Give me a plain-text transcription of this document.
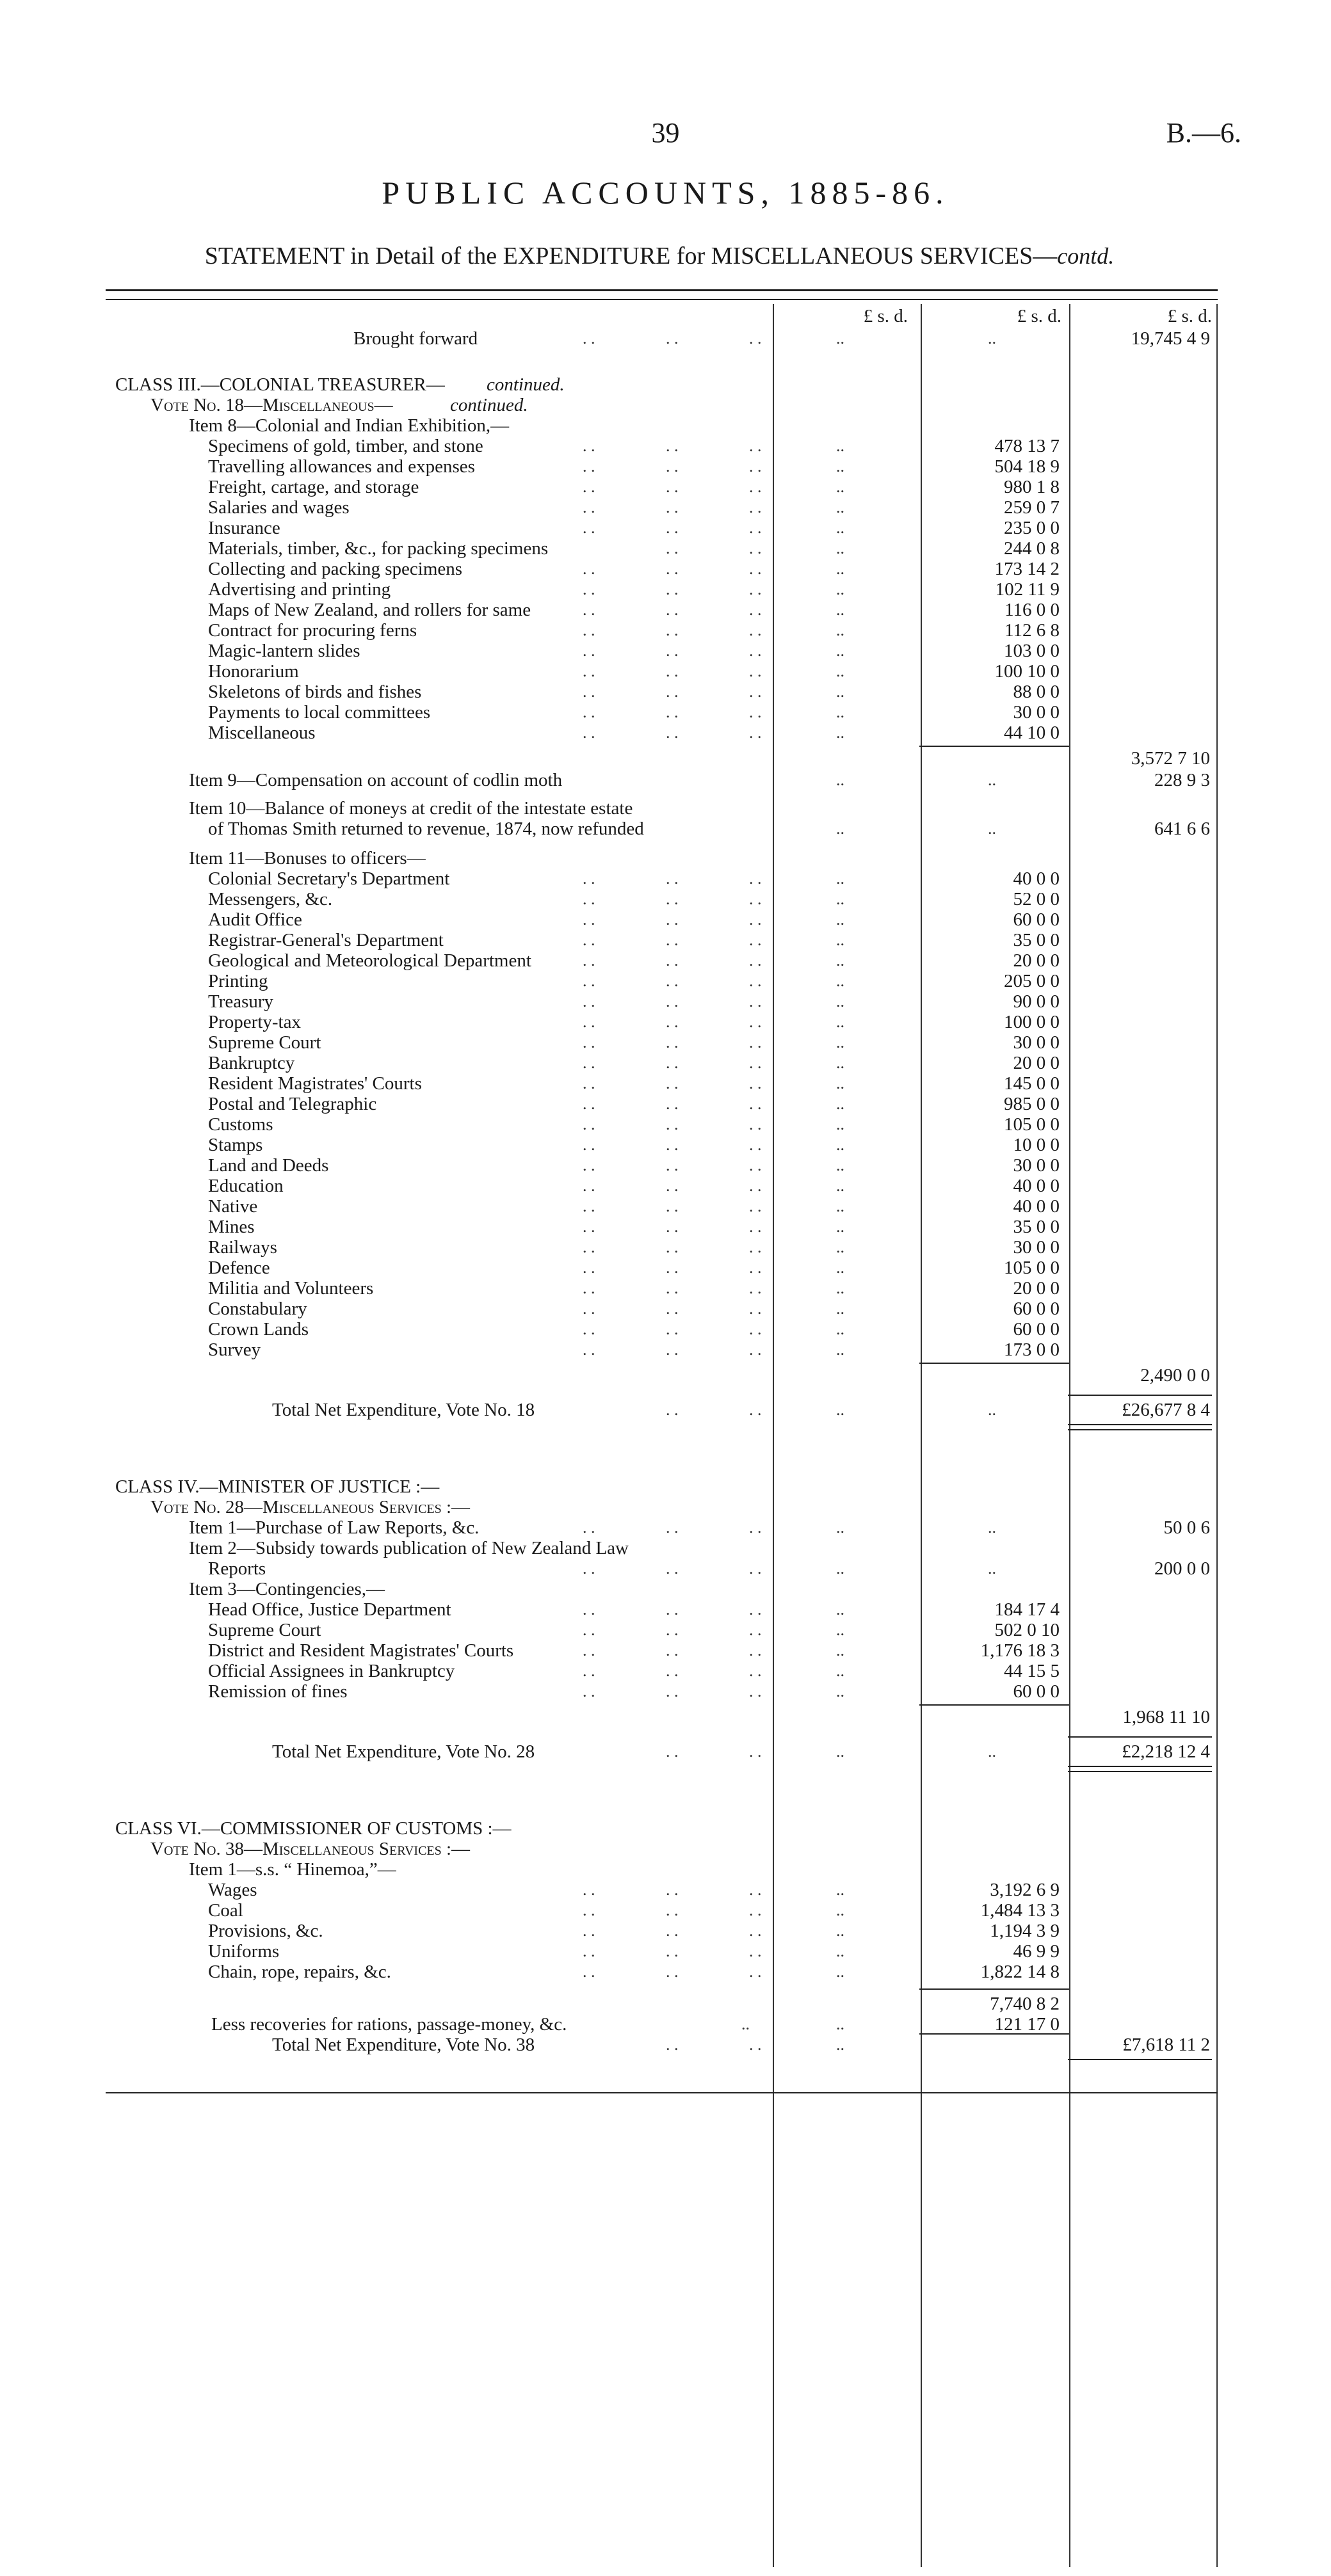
39	B.—6.
PUBLIC ACCOUNTS, 1885-86.
STATEMENT in Detail of the EXPENDITURE for MISCELLANEOUS SERVICES—contd.
£ s. d.	£ s. d.	£ s. d.
Brought forward	. .	. .	. .	..	..	19,745 4 9
CLASS III.—COLONIAL TREASURER— continued.
Vote No. 18—Miscellaneous—	continued.
Item 8—Colonial and Indian Exhibition,—
Specimens of gold, timber, and stone	. .	. .	. .	..	478 13 7
Travelling allowances and expenses	. .	. .	. .	..	504 18 9
Freight, cartage, and storage	. .	. .	. .	..	980 1 8
Salaries and wages	. .	. .	. .	..	259 0 7
Insurance	. .	. .	. .	..	235 0 0
Materials, timber, &c., for packing specimens	. .	. .	..	244 0 8
Collecting and packing specimens	. .	. .	. .	..	173 14 2
Advertising and printing	. .	. .	. .	..	102 11 9
Maps of New Zealand, and rollers for same	. .	. .	. .	..	116 0 0
Contract for procuring ferns	. .	. .	. .	..	112 6 8
Magic-lantern slides	. .	. .	. .	..	103 0 0
Honorarium	. .	. .	. .	..	100 10 0
Skeletons of birds and fishes	. .	. .	. .	..	88 0 0
Payments to local committees	. .	. .	. .	..	30 0 0
Miscellaneous	. .	. .	. .	..	44 10 0
3,572 7 10
Item 9—Compensation on account of codlin moth	..	..	228 9 3
Item 10—Balance of moneys at credit of the intestate estate
of Thomas Smith returned to revenue, 1874, now refunded	..	..	641 6 6
Item 11—Bonuses to officers—
Colonial Secretary's Department	. .	. .	. .	..	40 0 0
Messengers, &c.	. .	. .	. .	..	52 0 0
Audit Office	. .	. .	. .	..	60 0 0
Registrar-General's Department	. .	. .	. .	..	35 0 0
Geological and Meteorological Department	. .	. .	. .	..	20 0 0
Printing	. .	. .	. .	..	205 0 0
Treasury	. .	. .	. .	..	90 0 0
Property-tax	. .	. .	. .	..	100 0 0
Supreme Court	. .	. .	. .	..	30 0 0
Bankruptcy	. .	. .	. .	..	20 0 0
Resident Magistrates' Courts	. .	. .	. .	..	145 0 0
Postal and Telegraphic	. .	. .	. .	..	985 0 0
Customs	. .	. .	. .	..	105 0 0
Stamps	. .	. .	. .	..	10 0 0
Land and Deeds	. .	. .	. .	..	30 0 0
Education	. .	. .	. .	..	40 0 0
Native	. .	. .	. .	..	40 0 0
Mines	. .	. .	. .	..	35 0 0
Railways	. .	. .	. .	..	30 0 0
Defence	. .	. .	. .	..	105 0 0
Militia and Volunteers	. .	. .	. .	..	20 0 0
Constabulary	. .	. .	. .	..	60 0 0
Crown Lands	. .	. .	. .	..	60 0 0
Survey	. .	. .	. .	..	173 0 0
2,490 0 0
Total Net Expenditure, Vote No. 18	. .	. .	..	..	£26,677 8 4
CLASS IV.—MINISTER OF JUSTICE :—
Vote No. 28—Miscellaneous Services :—
Item 1—Purchase of Law Reports, &c.	. .	. .	. .	..	..	50 0 6
Item 2—Subsidy towards publication of New Zealand Law
Reports	. .	. .	. .	..	..	200 0 0
Item 3—Contingencies,—
Head Office, Justice Department	. .	. .	. .	..	184 17 4
Supreme Court	. .	. .	. .	..	502 0 10
District and Resident Magistrates' Courts	. .	. .	. .	..	1,176 18 3
Official Assignees in Bankruptcy	. .	. .	. .	..	44 15 5
Remission of fines	. .	. .	. .	..	60 0 0
1,968 11 10
Total Net Expenditure, Vote No. 28	. .	. .	..	..	£2,218 12 4
CLASS VI.—COMMISSIONER OF CUSTOMS :—
Vote No. 38—Miscellaneous Services :—
Item 1—s.s. “ Hinemoa,”—
Wages	. .	. .	. .	..	3,192 6 9
Coal	. .	. .	. .	..	1,484 13 3
Provisions, &c.	. .	. .	. .	..	1,194 3 9
Uniforms	. .	. .	. .	..	46 9 9
Chain, rope, repairs, &c.	. .	. .	. .	..	1,822 14 8
7,740 8 2
Less recoveries for rations, passage-money, &c.	..	..	121 17 0
Total Net Expenditure, Vote No. 38	. .	. .	..	£7,618 11 2
